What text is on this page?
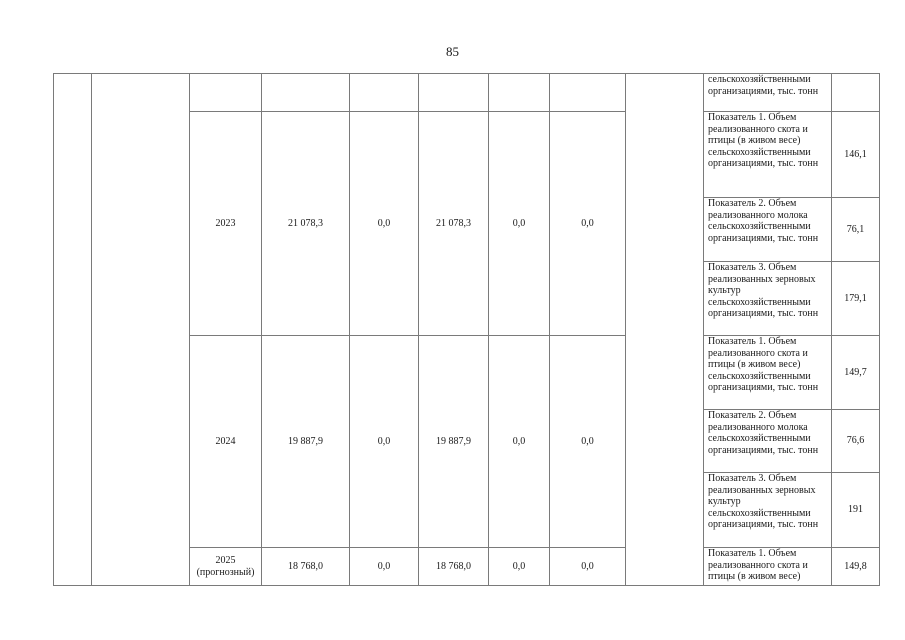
85
									сельскохозяйственными организациями, тыс. тонн	
		2023	21 078,3	0,0	21 078,3	0,0	0,0		Показатель 1. Объем реализованного скота и птицы (в живом весе) сельскохозяйственными организациями, тыс. тонн	146,1
									Показатель 2. Объем реализованного молока сельскохозяйственными организациями, тыс. тонн	76,1
									Показатель 3. Объем реализованных зерновых культур сельскохозяйственными организациями, тыс. тонн	179,1
		2024	19 887,9	0,0	19 887,9	0,0	0,0		Показатель 1. Объем реализованного скота и птицы (в живом весе) сельскохозяйственными организациями, тыс. тонн	149,7
									Показатель 2. Объем реализованного молока сельскохозяйственными организациями, тыс. тонн	76,6
									Показатель 3. Объем реализованных зерновых культур сельскохозяйственными организациями, тыс. тонн	191
		2025 (прогнозный)	18 768,0	0,0	18 768,0	0,0	0,0		Показатель 1. Объем реализованного скота и птицы (в живом весе)	149,8
